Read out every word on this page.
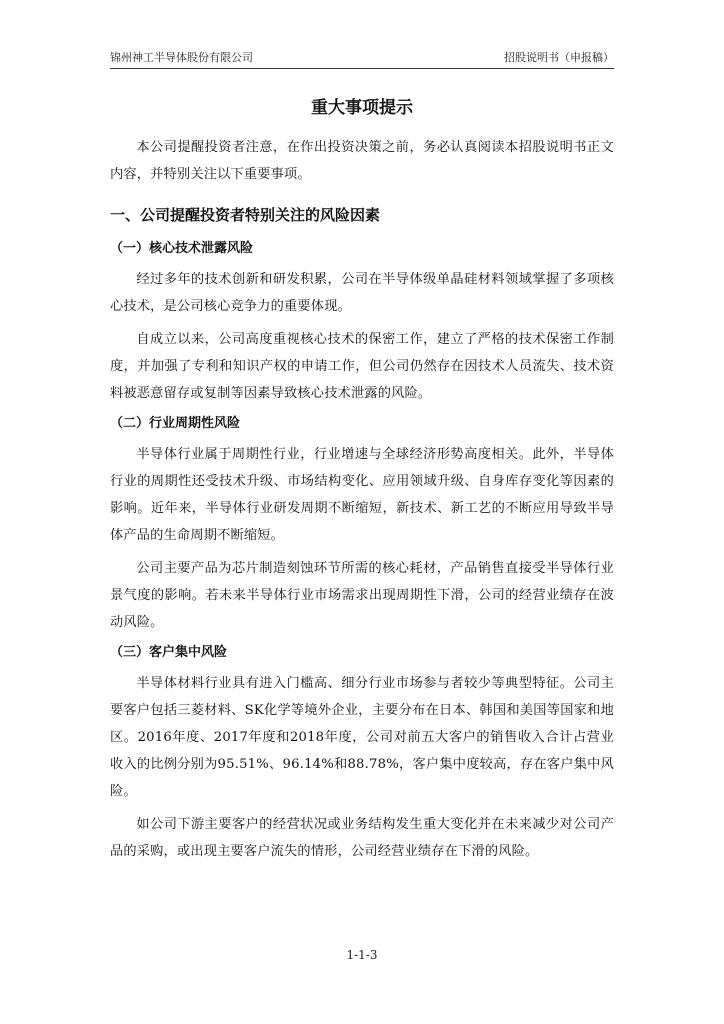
锦州神工半导体股份有限公司	招股说明书（申报稿）
重大事项提示

本公司提醒投资者注意，在作出投资决策之前，务必认真阅读本招股说明书正文内容，并特别关注以下重要事项。

一、公司提醒投资者特别关注的风险因素
（一）核心技术泄露风险

经过多年的技术创新和研发积累，公司在半导体级单晶硅材料领域掌握了多项核心技术，是公司核心竞争力的重要体现。

自成立以来，公司高度重视核心技术的保密工作，建立了严格的技术保密工作制度，并加强了专利和知识产权的申请工作，但公司仍然存在因技术人员流失、技术资料被恶意留存或复制等因素导致核心技术泄露的风险。

（二）行业周期性风险

半导体行业属于周期性行业，行业增速与全球经济形势高度相关。此外，半导体行业的周期性还受技术升级、市场结构变化、应用领域升级、自身库存变化等因素的影响。近年来，半导体行业研发周期不断缩短，新技术、新工艺的不断应用导致半导体产品的生命周期不断缩短。

公司主要产品为芯片制造刻蚀环节所需的核心耗材，产品销售直接受半导体行业景气度的影响。若未来半导体行业市场需求出现周期性下滑，公司的经营业绩存在波动风险。

（三）客户集中风险

半导体材料行业具有进入门槛高、细分行业市场参与者较少等典型特征。公司主要客户包括三菱材料、SK化学等境外企业，主要分布在日本、韩国和美国等国家和地区。2016年度、2017年度和2018年度，公司对前五大客户的销售收入合计占营业收入的比例分别为95.51%、96.14%和88.78%，客户集中度较高，存在客户集中风险。

如公司下游主要客户的经营状况或业务结构发生重大变化并在未来减少对公司产品的采购，或出现主要客户流失的情形，公司经营业绩存在下滑的风险。

1-1-3
